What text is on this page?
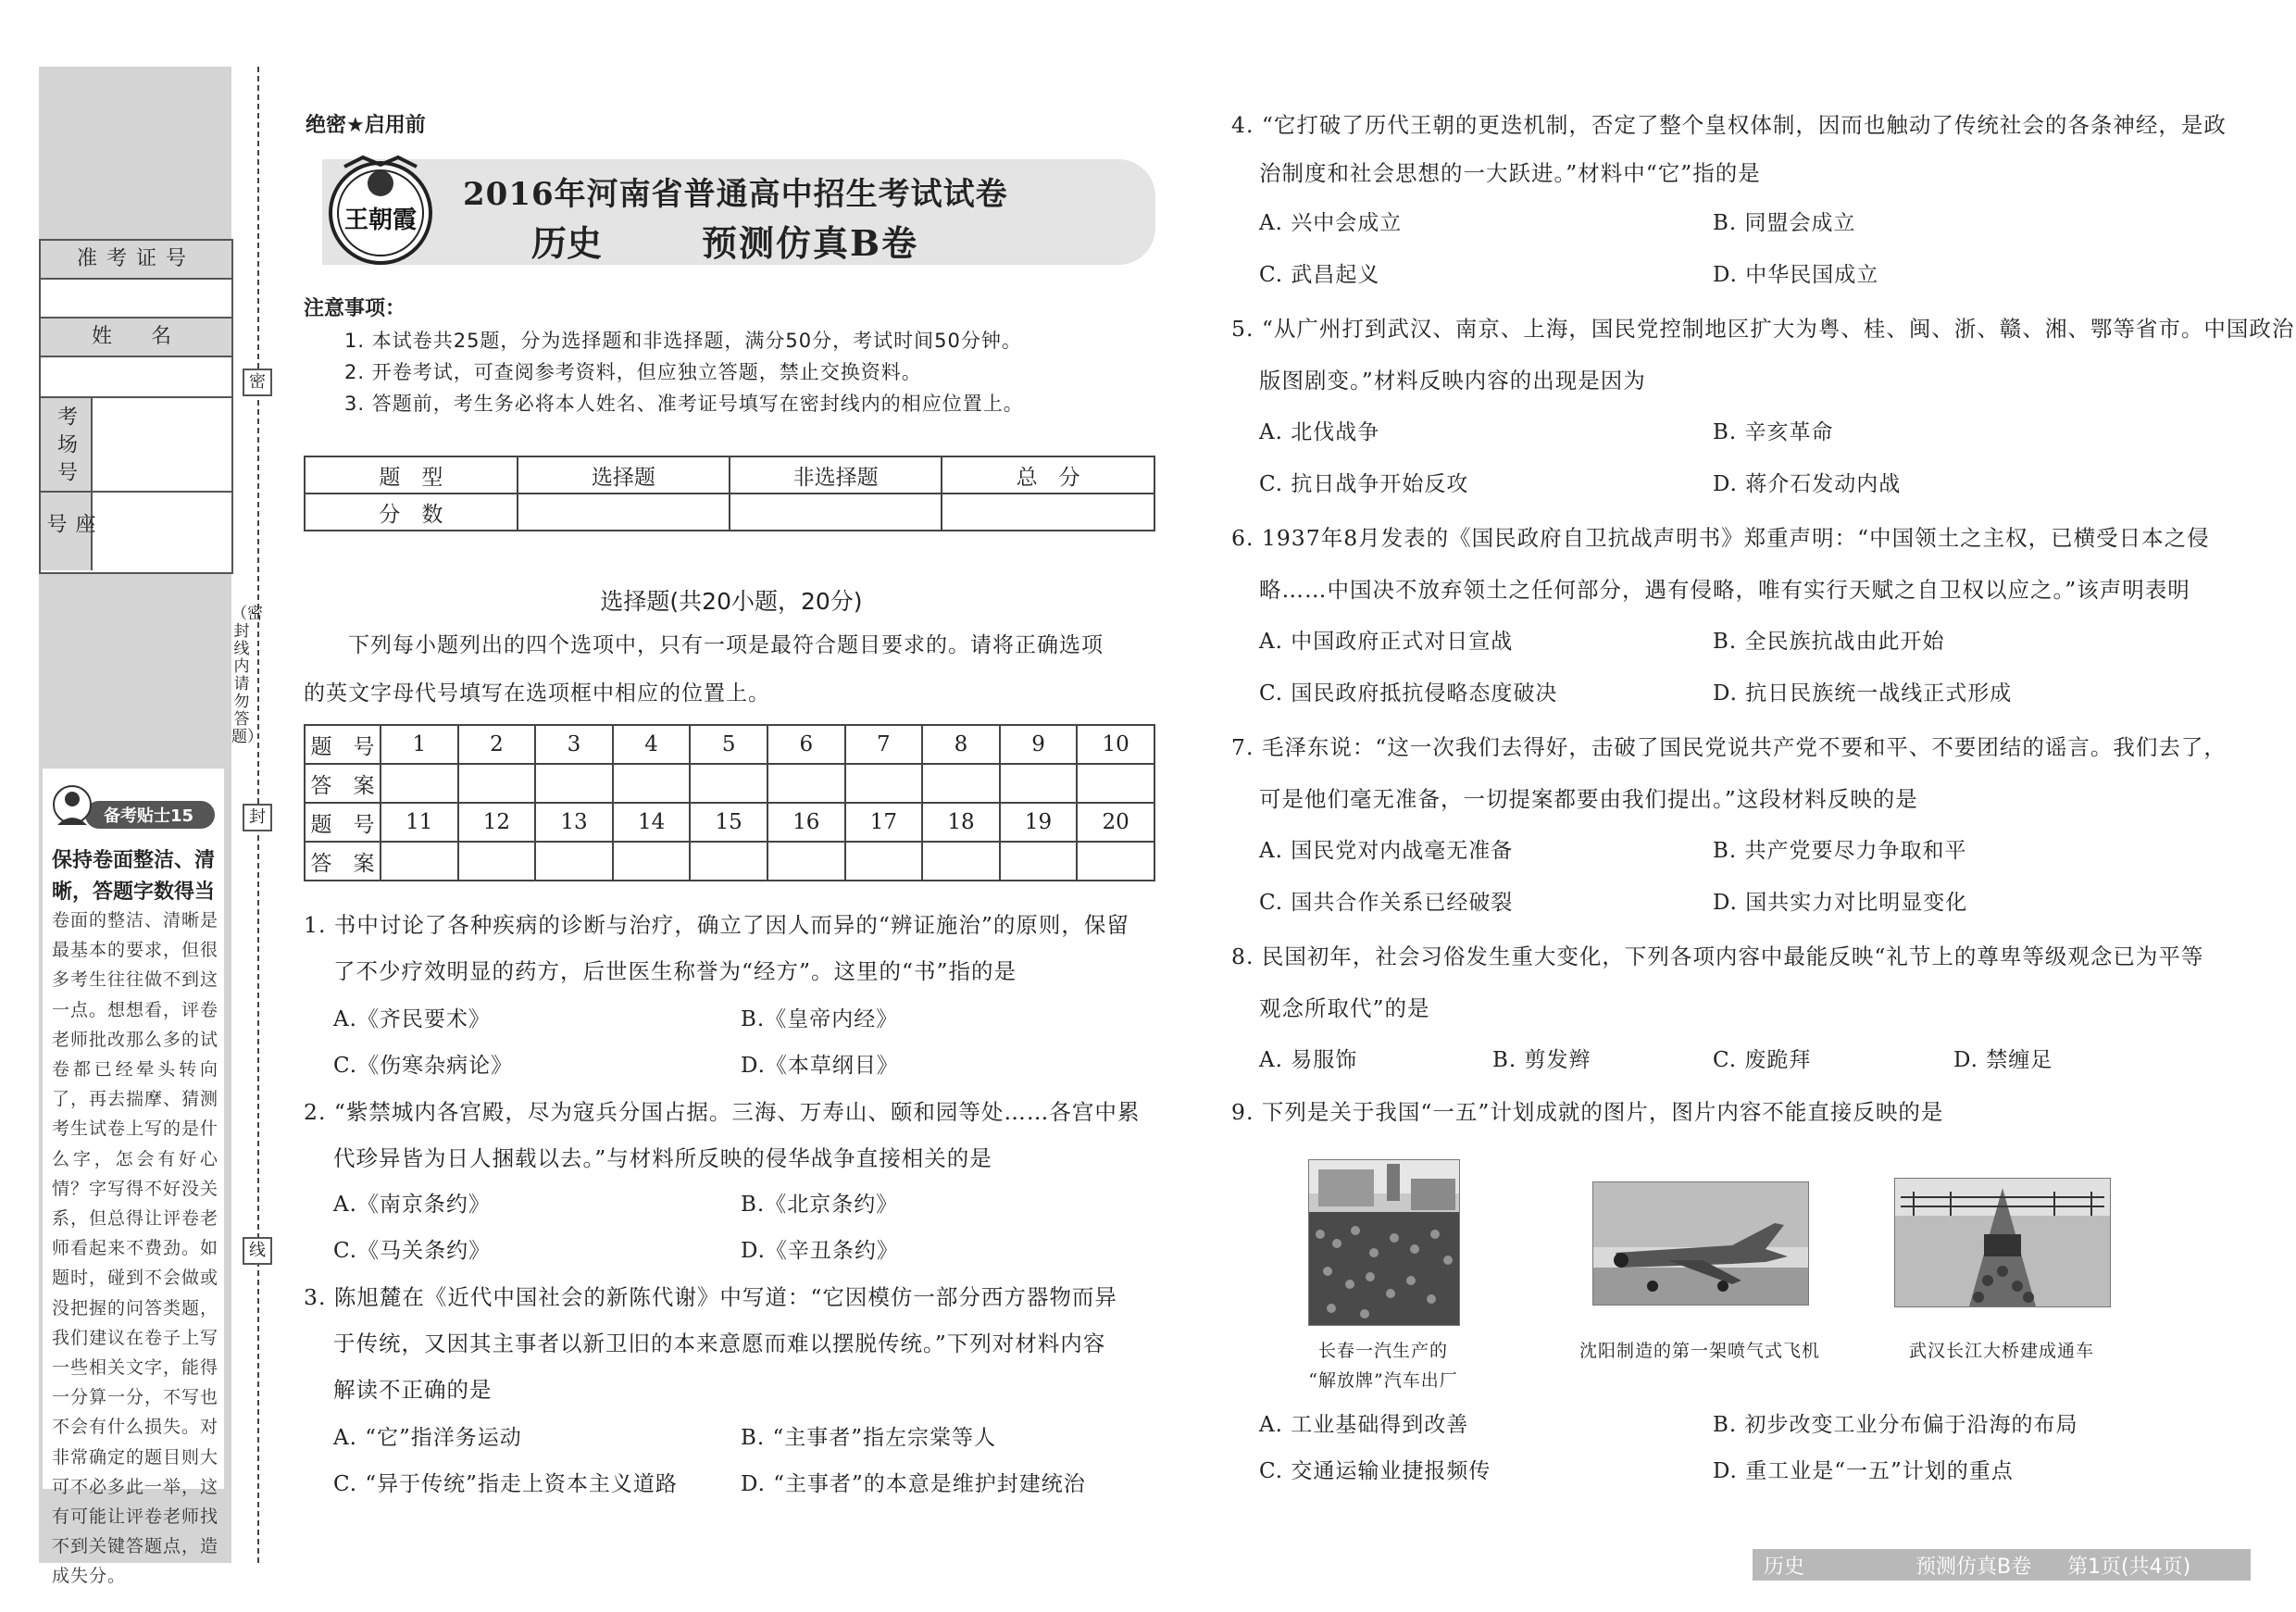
准考证号
姓　名
考场号
座号
备考贴士15
保持卷面整洁、清晰，答题字数得当
卷面的整洁、清晰是最基本的要求，但很多考生往往做不到这一点。想想看，评卷老师批改那么多的试卷都已经晕头转向了，再去揣摩、猜测考生试卷上写的是什么字，怎会有好心情？字写得不好没关系，但总得让评卷老师看起来不费劲。如题时，碰到不会做或没把握的问答类题，我们建议在卷子上写一些相关文字，能得一分算一分，不写也不会有什么损失。对非常确定的题目则大可不必多此一举，这有可能让评卷老师找不到关键答题点，造成失分。
密
封
线
（密封线内请勿答题）
绝密★启用前
王朝霞
2016年河南省普通高中招生考试试卷
历史	预测仿真B卷
注意事项：
1. 本试卷共25题，分为选择题和非选择题，满分50分，考试时间50分钟。
2. 开卷考试，可查阅参考资料，但应独立答题，禁止交换资料。
3. 答题前，考生务必将本人姓名、准考证号填写在密封线内的相应位置上。
题　型	选择题	非选择题	总　分
分　数			
选择题(共20小题，20分)
下列每小题列出的四个选项中，只有一项是最符合题目要求的。请将正确选项
的英文字母代号填写在选项框中相应的位置上。
题　号	1	2	3	4	5	6	7	8	9	10
答　案										
题　号	11	12	13	14	15	16	17	18	19	20
答　案										
1. 书中讨论了各种疾病的诊断与治疗，确立了因人而异的“辨证施治”的原则，保留
了不少疗效明显的药方，后世医生称誉为“经方”。这里的“书”指的是
A.《齐民要术》	B.《皇帝内经》
C.《伤寒杂病论》	D.《本草纲目》
2. “紫禁城内各宫殿，尽为寇兵分国占据。三海、万寿山、颐和园等处……各宫中累
代珍异皆为日人捆载以去。”与材料所反映的侵华战争直接相关的是
A.《南京条约》	B.《北京条约》
C.《马关条约》	D.《辛丑条约》
3. 陈旭麓在《近代中国社会的新陈代谢》中写道：“它因模仿一部分西方器物而异
于传统，又因其主事者以新卫旧的本来意愿而难以摆脱传统。”下列对材料内容
解读不正确的是
A. “它”指洋务运动	B. “主事者”指左宗棠等人
C. “异于传统”指走上资本主义道路	D. “主事者”的本意是维护封建统治
4. “它打破了历代王朝的更迭机制，否定了整个皇权体制，因而也触动了传统社会的各条神经，是政
治制度和社会思想的一大跃进。”材料中“它”指的是
A. 兴中会成立	B. 同盟会成立
C. 武昌起义	D. 中华民国成立
5. “从广州打到武汉、南京、上海，国民党控制地区扩大为粤、桂、闽、浙、赣、湘、鄂等省市。中国政治
版图剧变。”材料反映内容的出现是因为
A. 北伐战争	B. 辛亥革命
C. 抗日战争开始反攻	D. 蒋介石发动内战
6. 1937年8月发表的《国民政府自卫抗战声明书》郑重声明：“中国领土之主权，已横受日本之侵
略……中国决不放弃领土之任何部分，遇有侵略，唯有实行天赋之自卫权以应之。”该声明表明
A. 中国政府正式对日宣战	B. 全民族抗战由此开始
C. 国民政府抵抗侵略态度破决	D. 抗日民族统一战线正式形成
7. 毛泽东说：“这一次我们去得好，击破了国民党说共产党不要和平、不要团结的谣言。我们去了，
可是他们毫无准备，一切提案都要由我们提出。”这段材料反映的是
A. 国民党对内战毫无准备	B. 共产党要尽力争取和平
C. 国共合作关系已经破裂	D. 国共实力对比明显变化
8. 民国初年，社会习俗发生重大变化，下列各项内容中最能反映“礼节上的尊卑等级观念已为平等
观念所取代”的是
A. 易服饰	B. 剪发辫	C. 废跪拜	D. 禁缠足
9. 下列是关于我国“一五”计划成就的图片，图片内容不能直接反映的是
长春一汽生产的
“解放牌”汽车出厂
沈阳制造的第一架喷气式飞机	武汉长江大桥建成通车
A. 工业基础得到改善	B. 初步改变工业分布偏于沿海的布局
C. 交通运输业捷报频传	D. 重工业是“一五”计划的重点
历史	预测仿真B卷 第1页(共4页)
